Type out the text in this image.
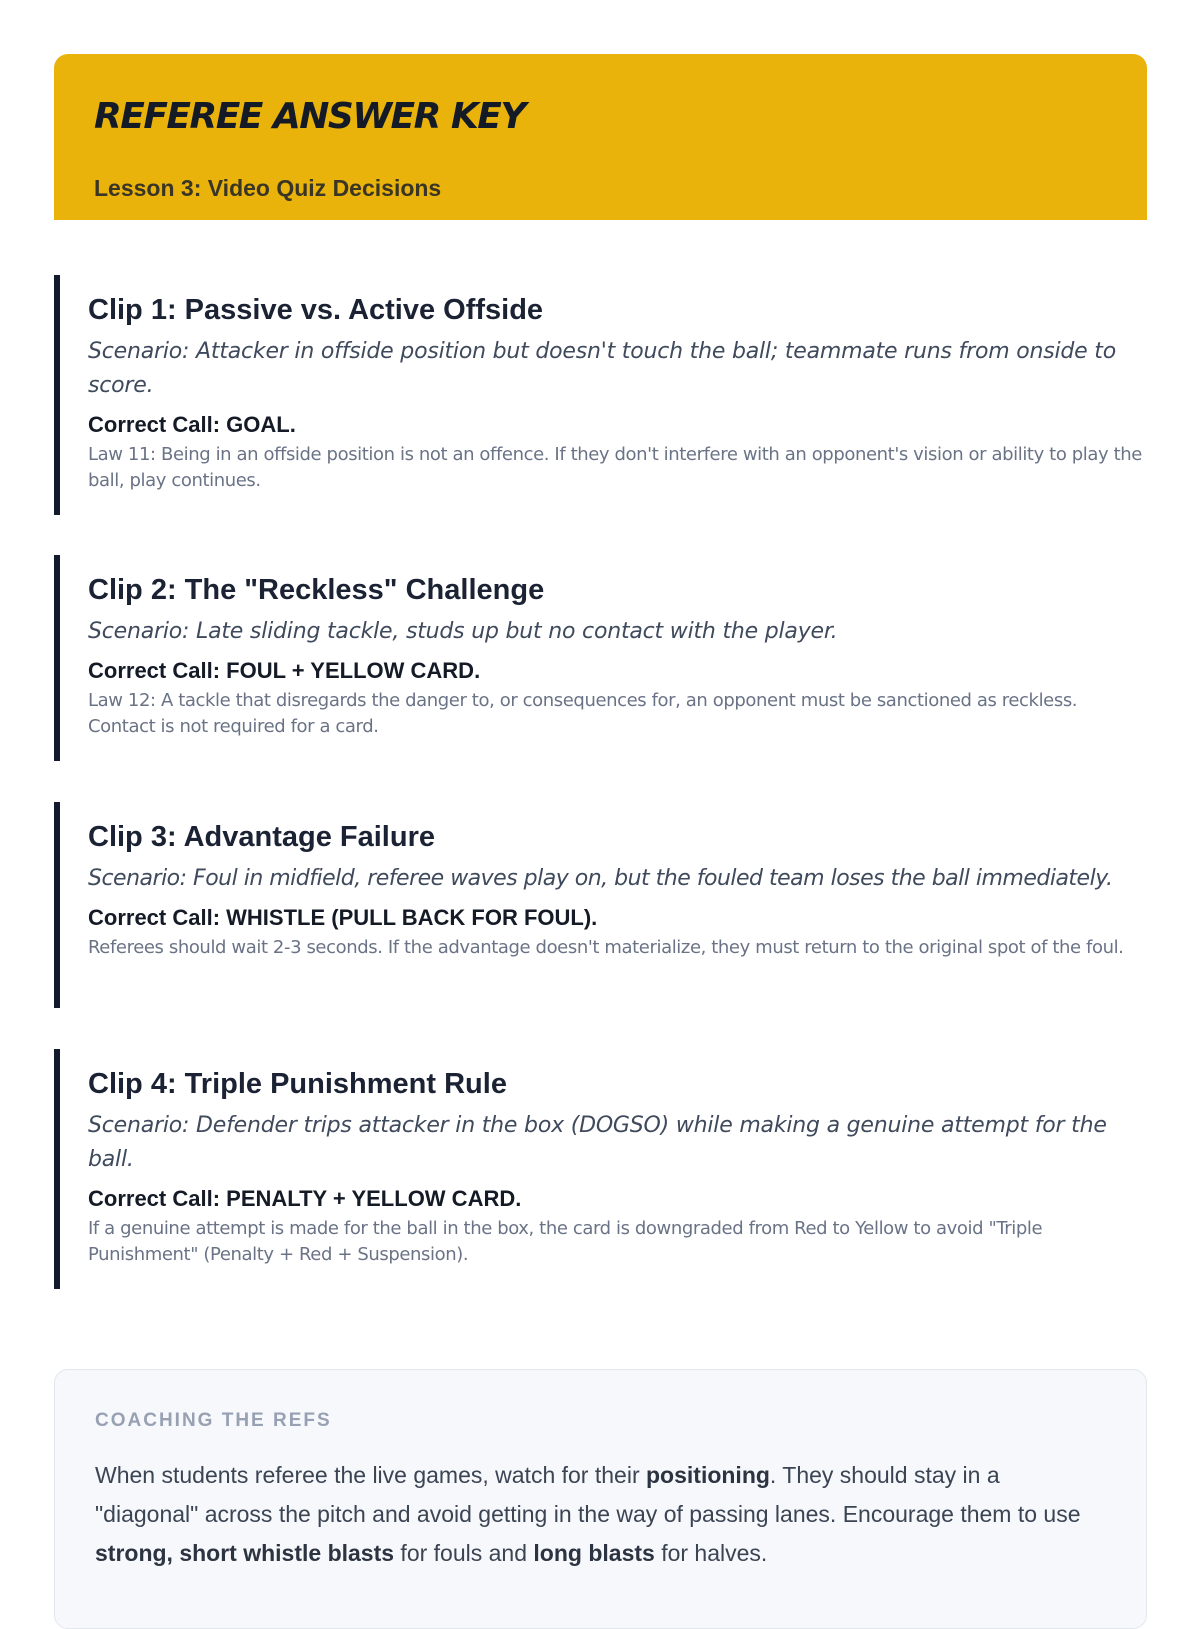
REFEREE ANSWER KEY
Lesson 3: Video Quiz Decisions
Clip 1: Passive vs. Active Offside

Scenario: Attacker in offside position but doesn't touch the ball; teammate runs from onside to score.

Correct Call: GOAL.

Law 11: Being in an offside position is not an offence. If they don't interfere with an opponent's vision or ability to play the ball, play continues.

Clip 2: The "Reckless" Challenge

Scenario: Late sliding tackle, studs up but no contact with the player.

Correct Call: FOUL + YELLOW CARD.

Law 12: A tackle that disregards the danger to, or consequences for, an opponent must be sanctioned as reckless. Contact is not required for a card.

Clip 3: Advantage Failure

Scenario: Foul in midfield, referee waves play on, but the fouled team loses the ball immediately.

Correct Call: WHISTLE (PULL BACK FOR FOUL).

Referees should wait 2-3 seconds. If the advantage doesn't materialize, they must return to the original spot of the foul.

Clip 4: Triple Punishment Rule

Scenario: Defender trips attacker in the box (DOGSO) while making a genuine attempt for the ball.

Correct Call: PENALTY + YELLOW CARD.

If a genuine attempt is made for the ball in the box, the card is downgraded from Red to Yellow to avoid "Triple Punishment" (Penalty + Red + Suspension).

COACHING THE REFS

When students referee the live games, watch for their positioning. They should stay in a "diagonal" across the pitch and avoid getting in the way of passing lanes. Encourage them to use strong, short whistle blasts for fouls and long blasts for halves.
